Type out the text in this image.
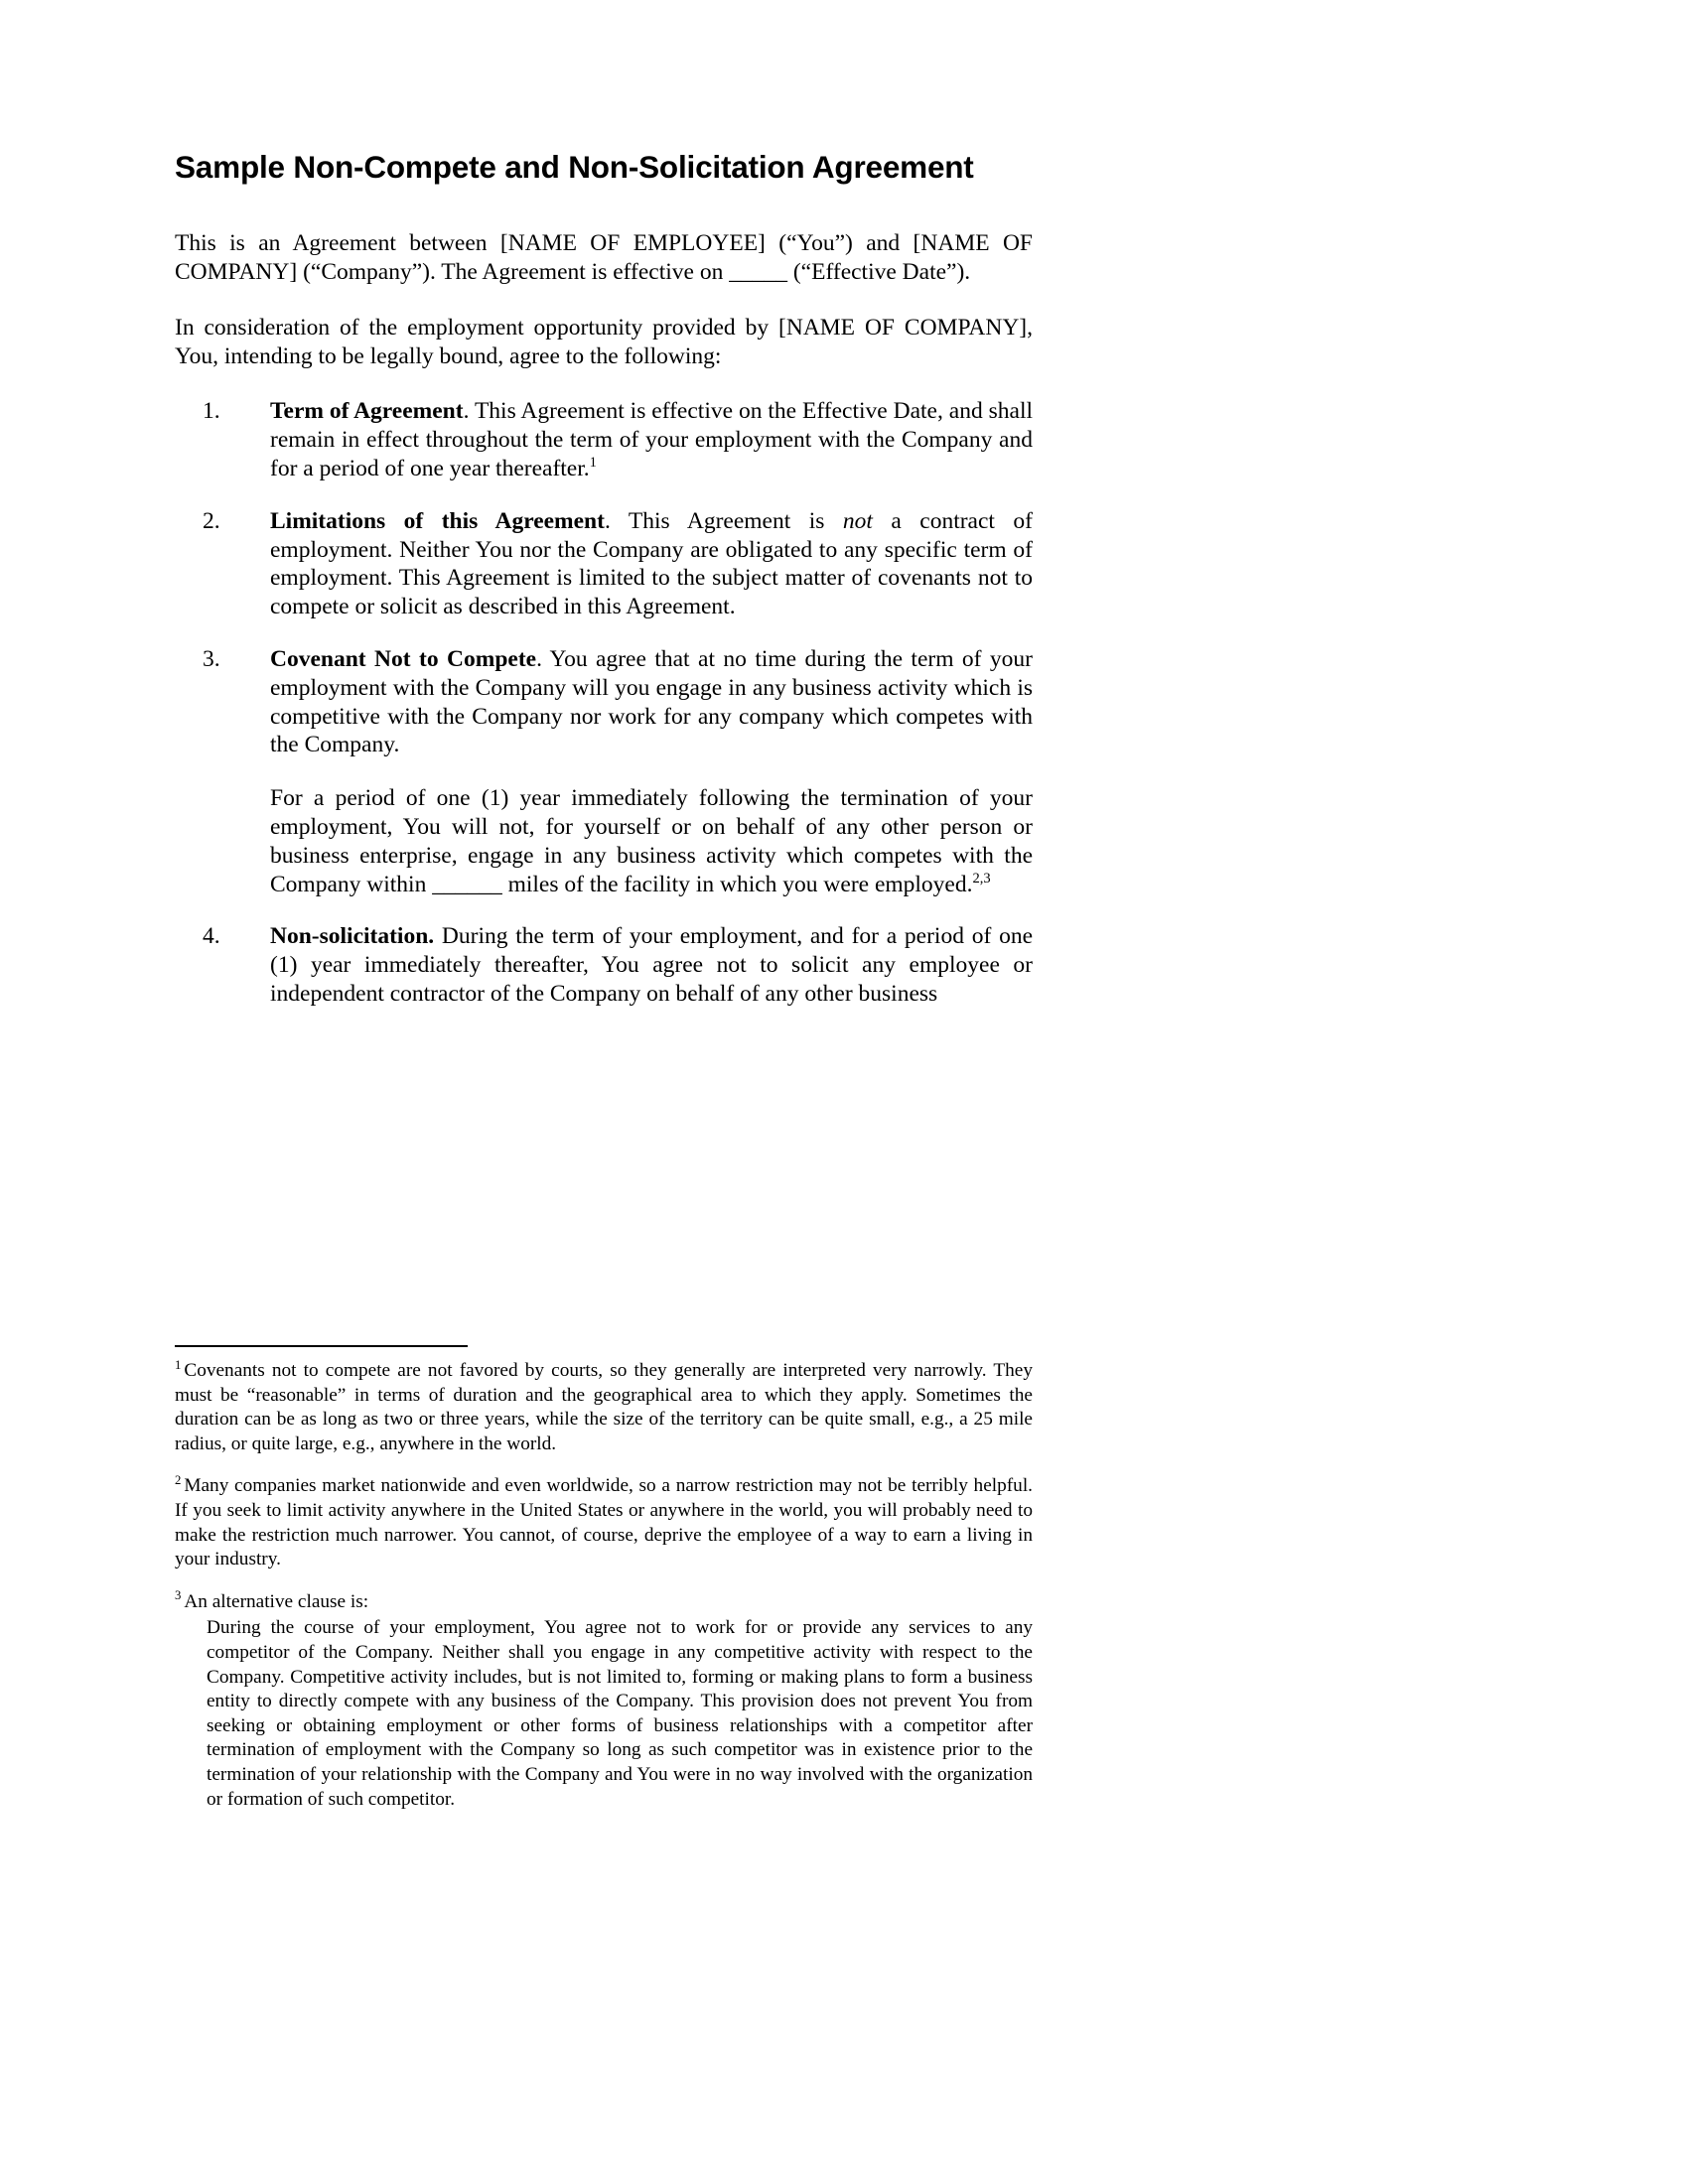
Sample Non-Compete and Non-Solicitation Agreement

This is an Agreement between [NAME OF EMPLOYEE] (“You”) and [NAME OF COMPANY] (“Company”). The Agreement is effective on _____ (“Effective Date”).

In consideration of the employment opportunity provided by [NAME OF COMPANY], You, intending to be legally bound, agree to the following:

1.	Term of Agreement. This Agreement is effective on the Effective Date, and shall remain in effect throughout the term of your employment with the Company and for a period of one year thereafter.$^1$
2.	Limitations of this Agreement. This Agreement is not a contract of employment. Neither You nor the Company are obligated to any specific term of employment. This Agreement is limited to the subject matter of covenants not to compete or solicit as described in this Agreement.
3.	Covenant Not to Compete. You agree that at no time during the term of your employment with the Company will you engage in any business activity which is competitive with the Company nor work for any company which competes with the Company.
For a period of one (1) year immediately following the termination of your employment, You will not, for yourself or on behalf of any other person or business enterprise, engage in any business activity which competes with the Company within ______ miles of the facility in which you were employed.$^{2,3}$
4.	Non-solicitation. During the term of your employment, and for a period of one (1) year immediately thereafter, You agree not to solicit any employee or independent contractor of the Company on behalf of any other business

$^1$ Covenants not to compete are not favored by courts, so they generally are interpreted very narrowly. They must be “reasonable” in terms of duration and the geographical area to which they apply. Sometimes the duration can be as long as two or three years, while the size of the territory can be quite small, e.g., a 25 mile radius, or quite large, e.g., anywhere in the world.

$^2$ Many companies market nationwide and even worldwide, so a narrow restriction may not be terribly helpful. If you seek to limit activity anywhere in the United States or anywhere in the world, you will probably need to make the restriction much narrower. You cannot, of course, deprive the employee of a way to earn a living in your industry.

$^3$ An alternative clause is:

During the course of your employment, You agree not to work for or provide any services to any competitor of the Company. Neither shall you engage in any competitive activity with respect to the Company. Competitive activity includes, but is not limited to, forming or making plans to form a business entity to directly compete with any business of the Company. This provision does not prevent You from seeking or obtaining employment or other forms of business relationships with a competitor after termination of employment with the Company so long as such competitor was in existence prior to the termination of your relationship with the Company and You were in no way involved with the organization or formation of such competitor.
